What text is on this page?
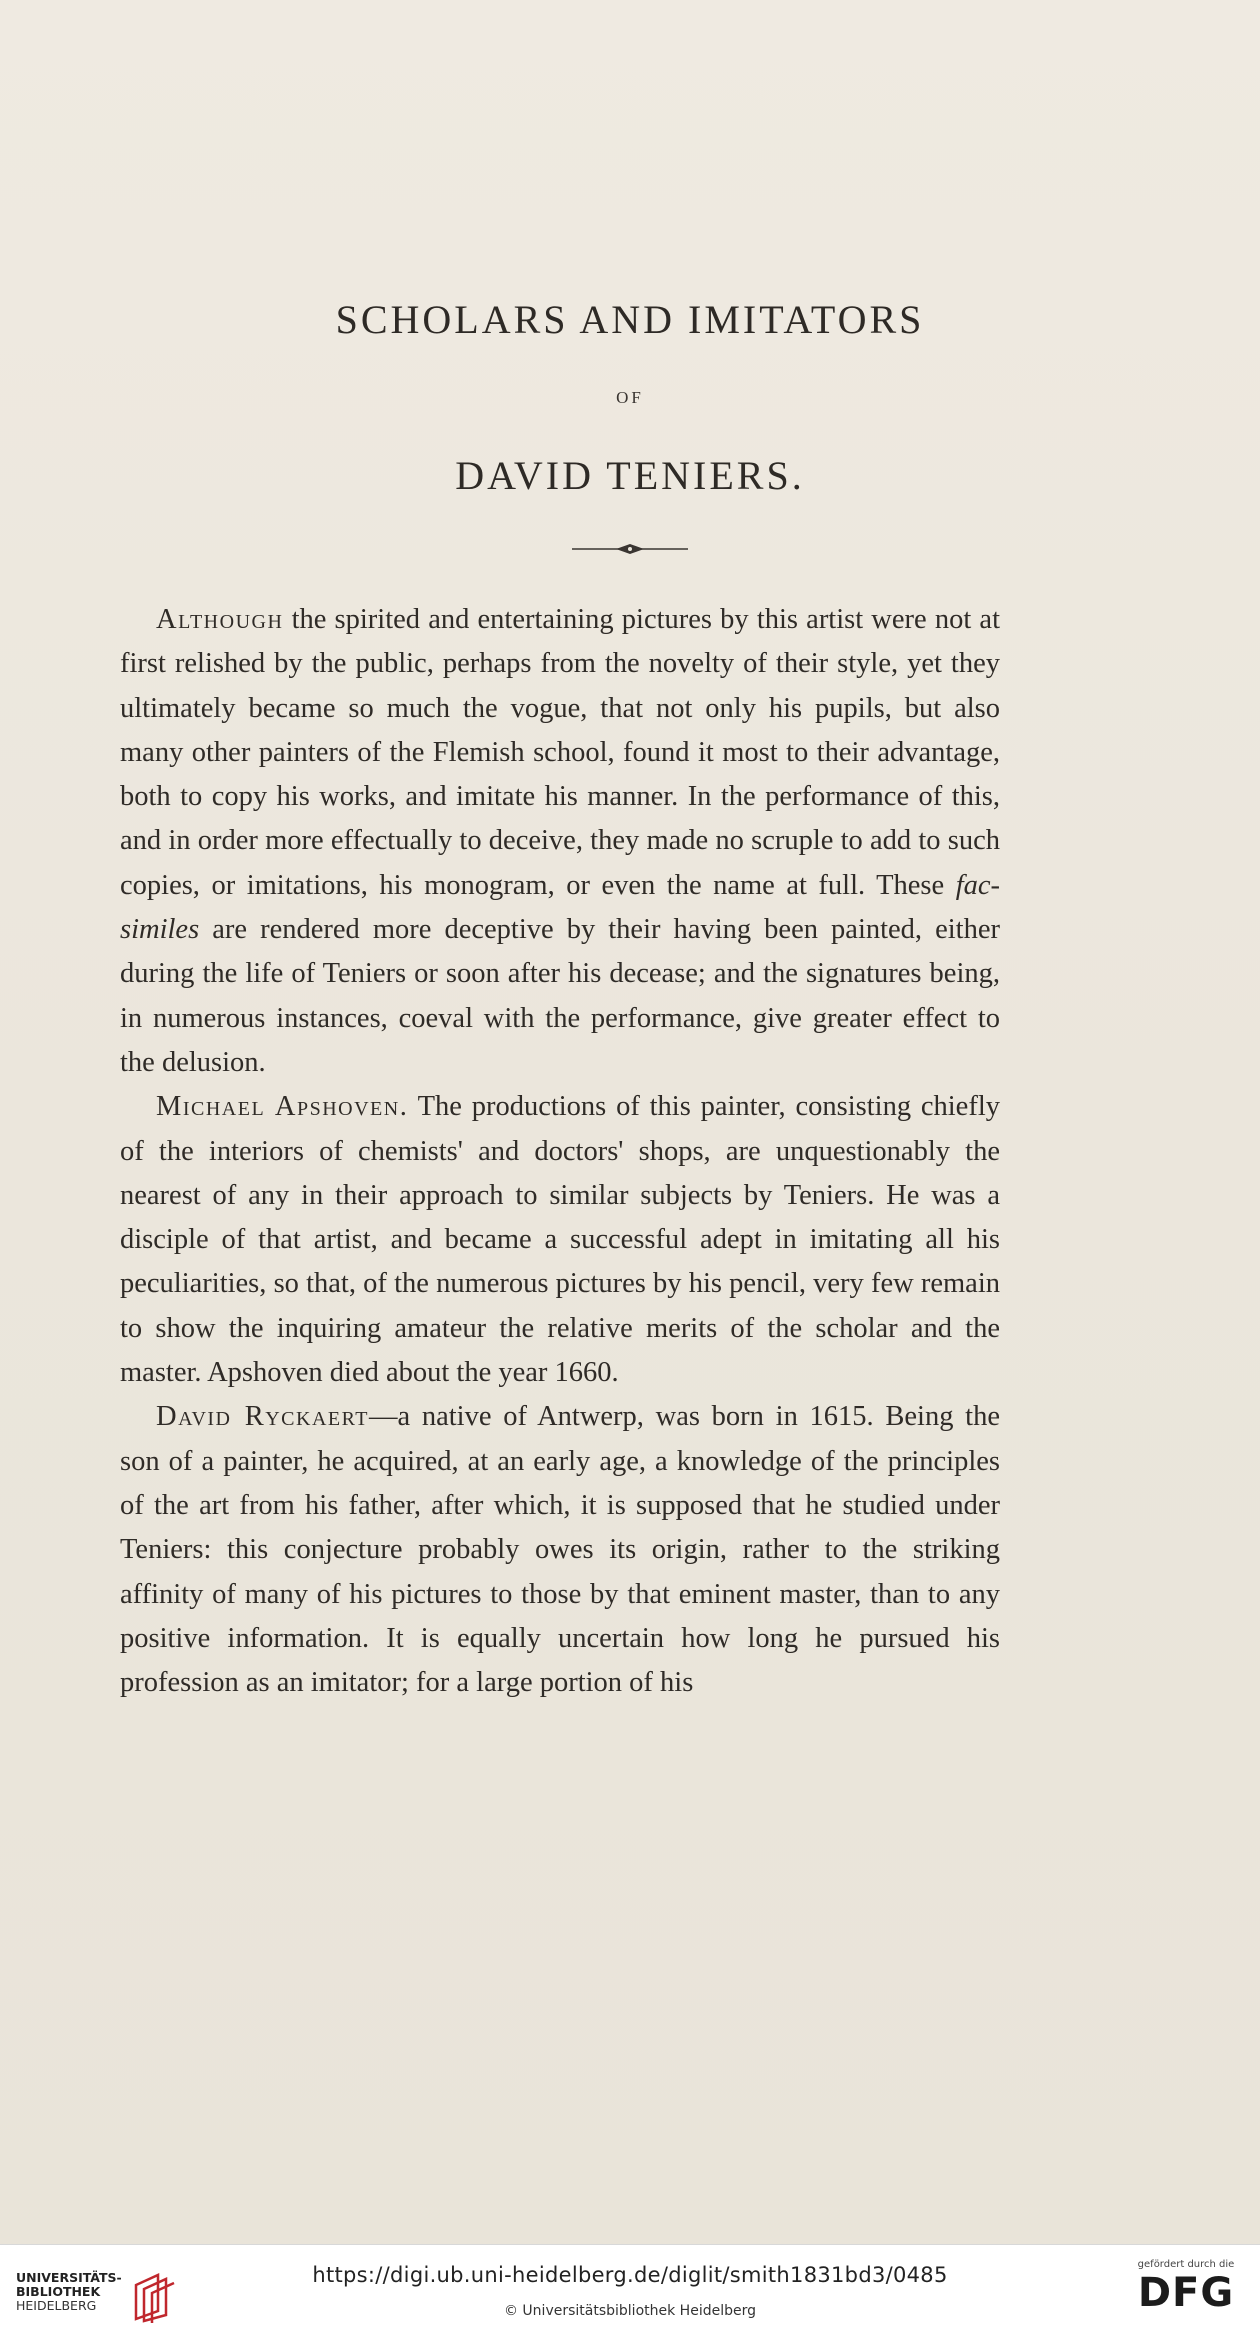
SCHOLARS AND IMITATORS
OF
DAVID TENIERS.

Although the spirited and entertaining pictures by this artist were not at first relished by the public, perhaps from the novelty of their style, yet they ultimately became so much the vogue, that not only his pupils, but also many other painters of the Flemish school, found it most to their advantage, both to copy his works, and imitate his manner. In the performance of this, and in order more effectually to deceive, they made no scruple to add to such copies, or imitations, his monogram, or even the name at full. These fac-similes are rendered more deceptive by their having been painted, either during the life of Teniers or soon after his decease; and the signatures being, in numerous instances, coeval with the performance, give greater effect to the delusion.

Michael Apshoven. The productions of this painter, consisting chiefly of the interiors of chemists' and doctors' shops, are unquestionably the nearest of any in their approach to similar subjects by Teniers. He was a disciple of that artist, and became a successful adept in imitating all his peculiarities, so that, of the numerous pictures by his pencil, very few remain to show the inquiring amateur the relative merits of the scholar and the master. Apshoven died about the year 1660.

David Ryckaert—a native of Antwerp, was born in 1615. Being the son of a painter, he acquired, at an early age, a knowledge of the principles of the art from his father, after which, it is supposed that he studied under Teniers: this conjecture probably owes its origin, rather to the striking affinity of many of his pictures to those by that eminent master, than to any positive information. It is equally uncertain how long he pursued his profession as an imitator; for a large portion of his

UNIVERSITÄTS-
BIBLIOTHEK
HEIDELBERG
https://digi.ub.uni-heidelberg.de/diglit/smith1831bd3/0485
© Universitätsbibliothek Heidelberg
gefördert durch die
DFG
